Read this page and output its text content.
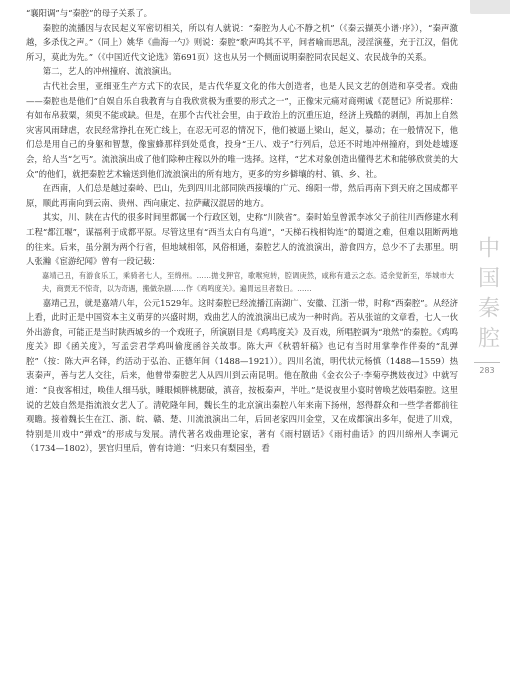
“襄阳调”与“秦腔”的母子关系了。

秦腔的流播因与农民起义军密切相关，所以有人就说：“秦腔为人心不静之机”（《秦云撷英小谱·序》），“秦声激越，多杀伐之声。”（同上）姚华《曲海一勺》则说：秦腔“歌声鸣其不平，间者喻而思乱，浸淫演蔓，充于江汉，倡优所习，莫此为先。”（《中国近代文论选》第691页）这也从另一个侧面说明秦腔同农民起义、农民战争的关系。

第二，艺人的冲州撞府、流浪演出。

古代社会里，亚细亚生产方式下的农民，是古代华夏文化的伟大创造者，也是人民文艺的创造和享受者。戏曲——秦腔也是他们“自娱自乐自我教育与自我欣赏极为重要的形式之一”，正像宋元痛对商朔诚《琵琶记》所说那样：有如布帛菽粟，须臾不能或缺。但是，在那个古代社会里，由于政治上的沉重压迫，经济上残酷的剥削，再加上自然灾害风雨肆虐，农民经常挣扎在死亡线上，在忍无可忍的情况下，他们被逼上梁山，起义，暴动；在一般情况下，他们总是用自己的身躯和智慧，像蜜蜂那样到处觅食，投身“王八、戏子”行列后，总还不时地冲州撞府，到处趁墟逐会，给人当“乞丐”。流浪演出成了他们除种庄稼以外的唯一选择。这样，“艺术对象创造出懂得艺术和能够欣赏美的大众”的他们，就把秦腔艺术输送到他们流浪演出的所有地方，更多的穷乡僻壤的村、镇、乡、社。

在西南，人们总是越过秦岭、巴山，先到四川北部同陕西接壤的广元、绵阳一带，然后再南下到天府之国成都平原，顺此再南向到云南、贵州、西向康定、拉萨藏汉混居的地方。

其实，川、陕在古代的很多时间里都属一个行政区划，史称“川陕省”。秦时始皇曾派李冰父子前往川西修建水利工程“都江堰”，谋福利于成都平原。尽管这里有“西当太白有鸟道”，“天梯石栈相钩连”的蜀道之难，但难以阻断两地的往来。后来，虽分割为两个行省，但地域相邻，风俗相通，秦腔艺人的流浪演出，游食四方，总少不了去那里。明人张瀚《宦游纪闻》曾有一段记载：

嘉靖己丑，有游食乐工，乘骑者七人，至绵州。……拋戈狎官，歌喉宛转，腔调庚然，咸称有遗云之态。适余觉新至，举城市大夫，商贾无不惊奇，以为奇遇，搬做杂剧……作《鸡鸣度关》。遍胃远旦者数日。……

嘉靖己丑，就是嘉靖八年，公元1529年。这时秦腔已经流播江南湖广、安徽、江浙一带，时称“西秦腔”。从经济上看，此时正是中国资本主义萌芽的兴盛时期，戏曲艺人的流浪演出已成为一种时尚。若从张谊的文章看，七人一伙外出游食，可能正是当时陕西城乡的一个戏班子，所演剧目是《鸡鸣度关》及百戏，所唱腔调为“琅然”的秦腔。《鸡鸣度关》即《函关度》，写孟尝君学鸡叫偷度函谷关故事。陈大声《秋碧轩稿》也记有当时用掌拳作伴奏的“乱弹腔”（按：陈大声名铎，约活动于弘治、正德年间（1488—1921））。四川名流，明代状元杨慎（1488—1559）热衷秦声，善与艺人交往，后来，他曾带秦腔艺人从四川到云南昆明。他在散曲《金衣公子·李菊亭携妓夜过》中就写道：“良夜客相过，唤佳人细马驮，睡眼倾胖桃腮破，滇音，按板秦声，半吐。”是说夜里小宴时曾唤艺妓唱秦腔。这里说的艺妓自然是指流浪女艺人了。清乾隆年间，魏长生的北京演出秦腔八年来南下扬州，怒得群众和一些学者都前往观瞻。接着魏长生在江、浙、皖、赣、楚、川流浪演出二年，后回老家四川金堂，又在成都演出多年，促进了川戏，特别是川戏中“弹戏”的形成与发展。清代著名戏曲理论家，著有《雨村剧话》《雨村曲话》的四川绵州人李调元（1734—1802），罢官归里后，曾有诗道：“归来只有梨园坐，看

中国秦腔
283
